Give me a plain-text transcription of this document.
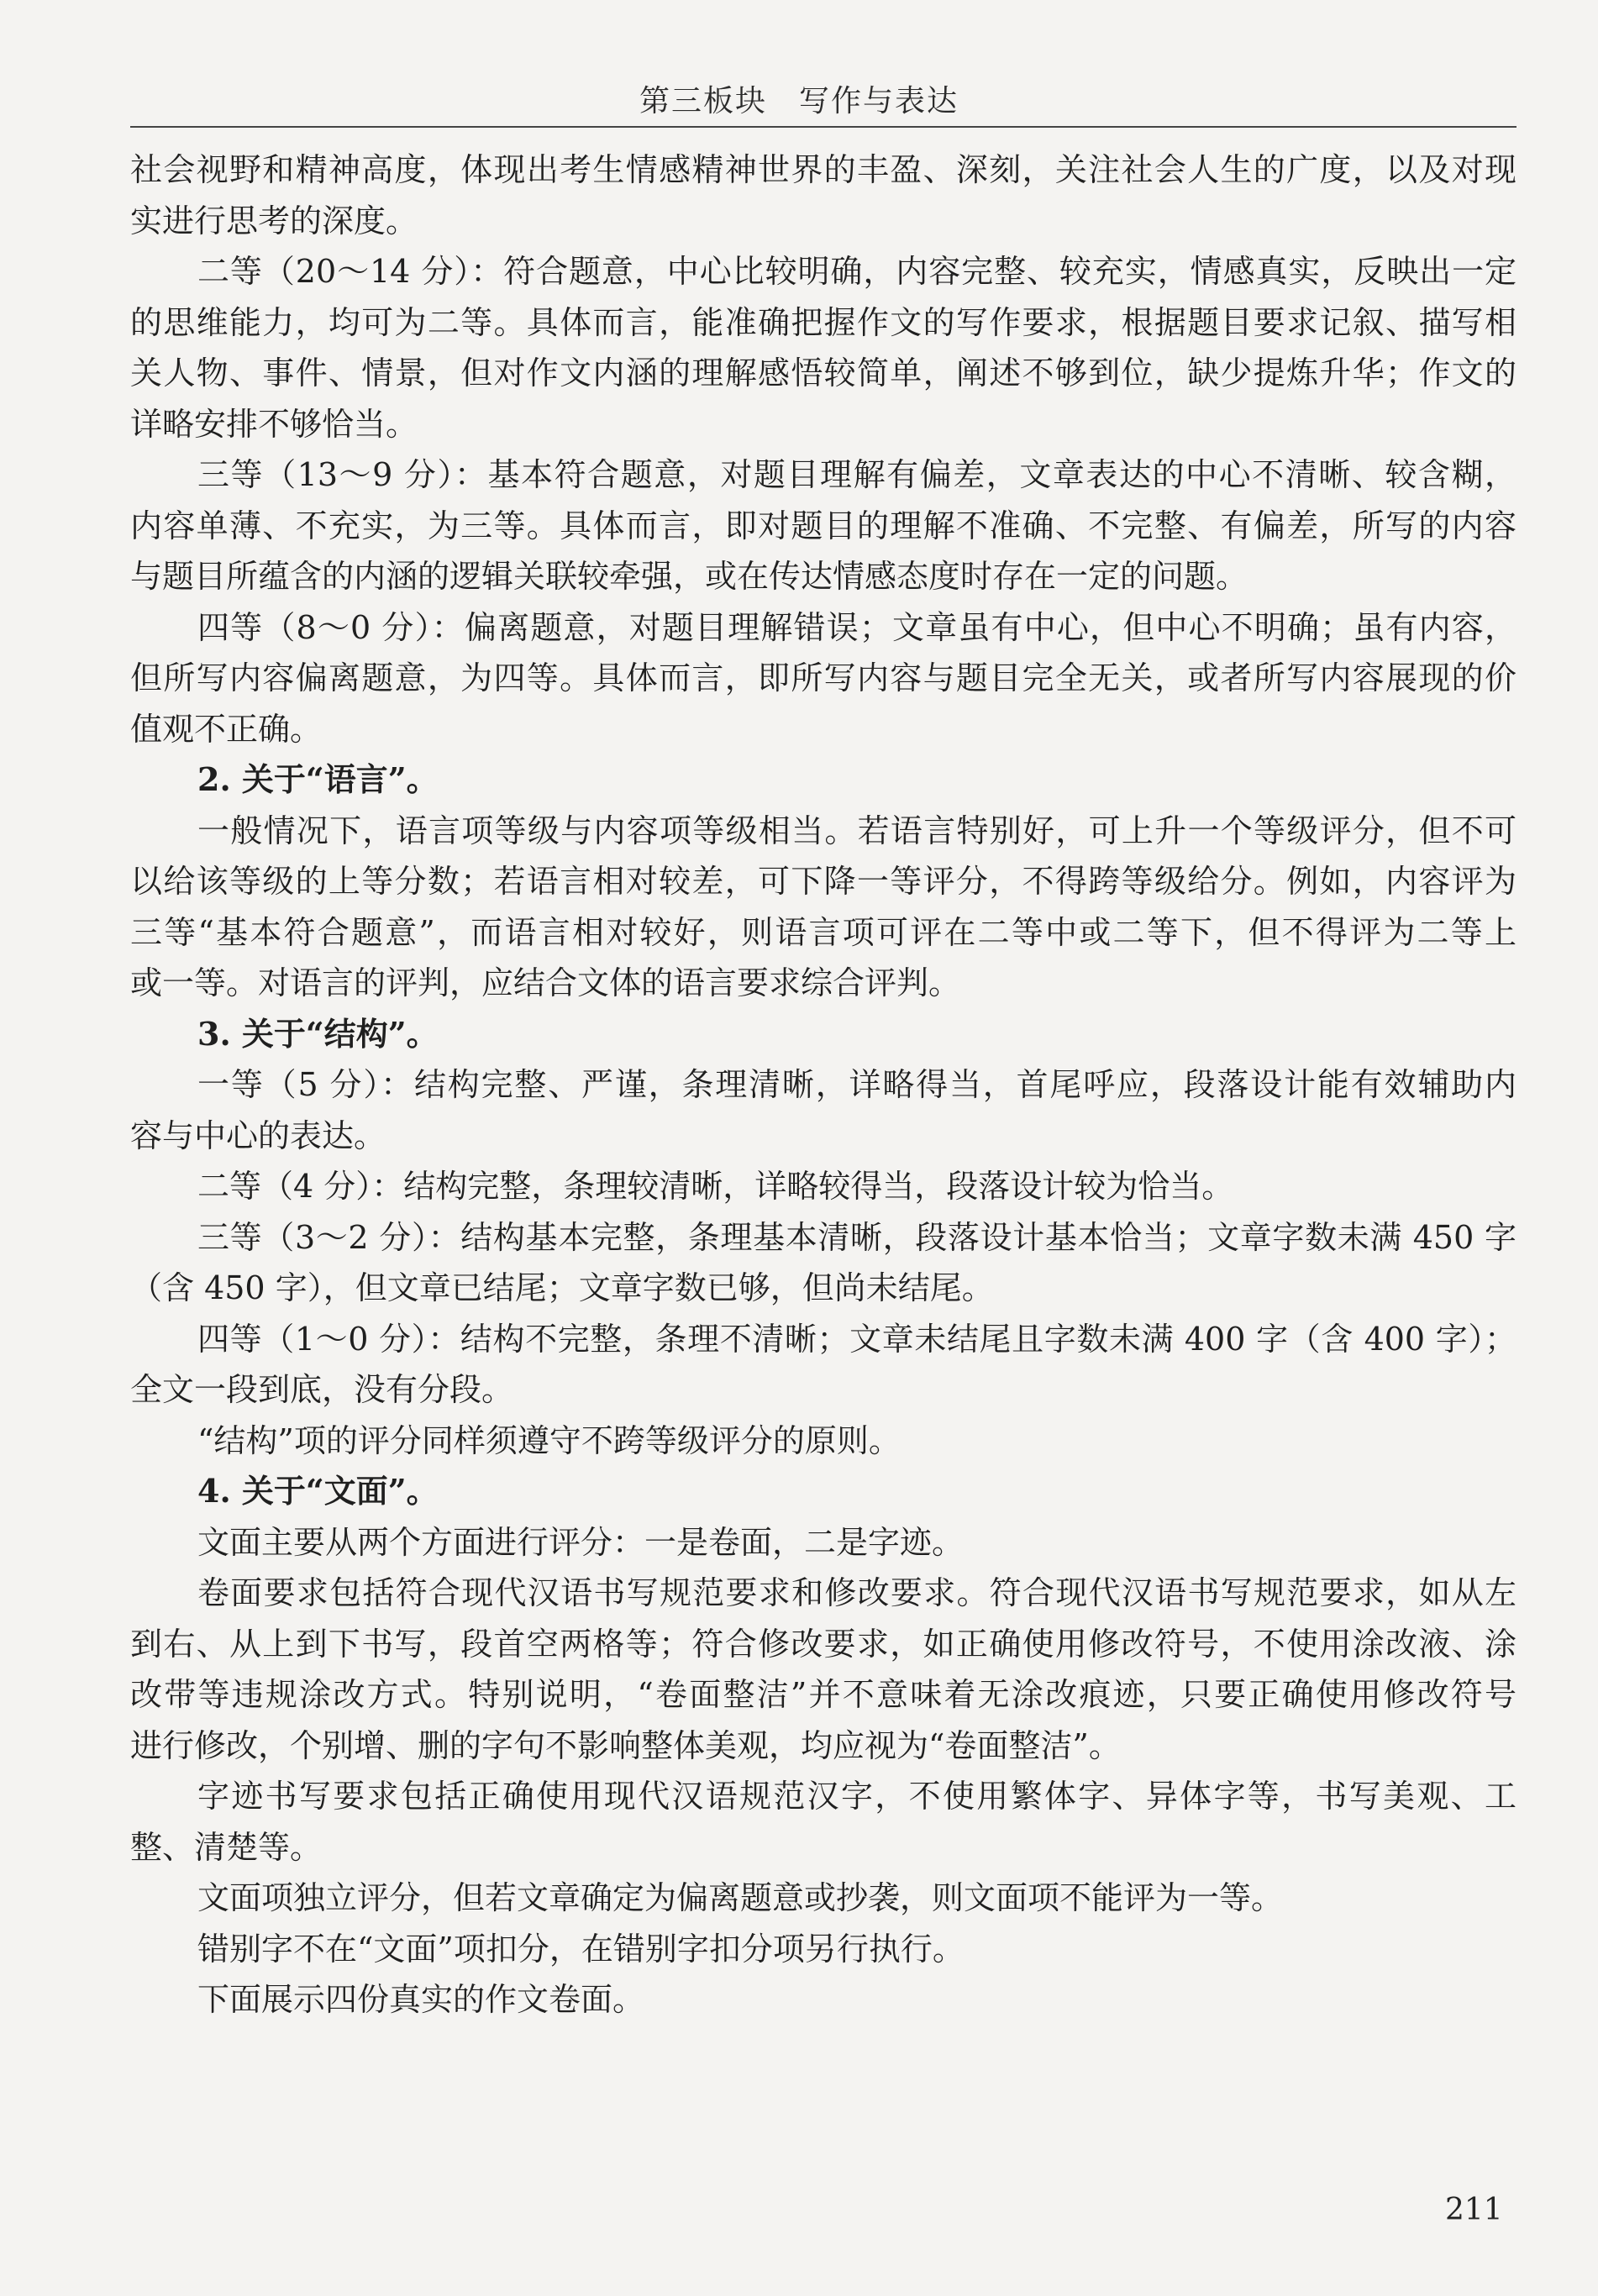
第三板块　写作与表达
社会视野和精神高度，体现出考生情感精神世界的丰盈、深刻，关注社会人生的广度，以及对现
实进行思考的深度。
二等（20～14 分）：符合题意，中心比较明确，内容完整、较充实，情感真实，反映出一定
的思维能力，均可为二等。具体而言，能准确把握作文的写作要求，根据题目要求记叙、描写相
关人物、事件、情景，但对作文内涵的理解感悟较简单，阐述不够到位，缺少提炼升华；作文的
详略安排不够恰当。
三等（13～9 分）：基本符合题意，对题目理解有偏差，文章表达的中心不清晰、较含糊，
内容单薄、不充实，为三等。具体而言，即对题目的理解不准确、不完整、有偏差，所写的内容
与题目所蕴含的内涵的逻辑关联较牵强，或在传达情感态度时存在一定的问题。
四等（8～0 分）：偏离题意，对题目理解错误；文章虽有中心，但中心不明确；虽有内容，
但所写内容偏离题意，为四等。具体而言，即所写内容与题目完全无关，或者所写内容展现的价
值观不正确。
2. 关于“语言”。
一般情况下，语言项等级与内容项等级相当。若语言特别好，可上升一个等级评分，但不可
以给该等级的上等分数；若语言相对较差，可下降一等评分，不得跨等级给分。例如，内容评为
三等“基本符合题意”，而语言相对较好，则语言项可评在二等中或二等下，但不得评为二等上
或一等。对语言的评判，应结合文体的语言要求综合评判。
3. 关于“结构”。
一等（5 分）：结构完整、严谨，条理清晰，详略得当，首尾呼应，段落设计能有效辅助内
容与中心的表达。
二等（4 分）：结构完整，条理较清晰，详略较得当，段落设计较为恰当。
三等（3～2 分）：结构基本完整，条理基本清晰，段落设计基本恰当；文章字数未满 450 字
（含 450 字），但文章已结尾；文章字数已够，但尚未结尾。
四等（1～0 分）：结构不完整，条理不清晰；文章未结尾且字数未满 400 字（含 400 字）；
全文一段到底，没有分段。
“结构”项的评分同样须遵守不跨等级评分的原则。
4. 关于“文面”。
文面主要从两个方面进行评分：一是卷面，二是字迹。
卷面要求包括符合现代汉语书写规范要求和修改要求。符合现代汉语书写规范要求，如从左
到右、从上到下书写，段首空两格等；符合修改要求，如正确使用修改符号，不使用涂改液、涂
改带等违规涂改方式。特别说明，“卷面整洁”并不意味着无涂改痕迹，只要正确使用修改符号
进行修改，个别增、删的字句不影响整体美观，均应视为“卷面整洁”。
字迹书写要求包括正确使用现代汉语规范汉字，不使用繁体字、异体字等，书写美观、工
整、清楚等。
文面项独立评分，但若文章确定为偏离题意或抄袭，则文面项不能评为一等。
错别字不在“文面”项扣分，在错别字扣分项另行执行。
下面展示四份真实的作文卷面。
211
